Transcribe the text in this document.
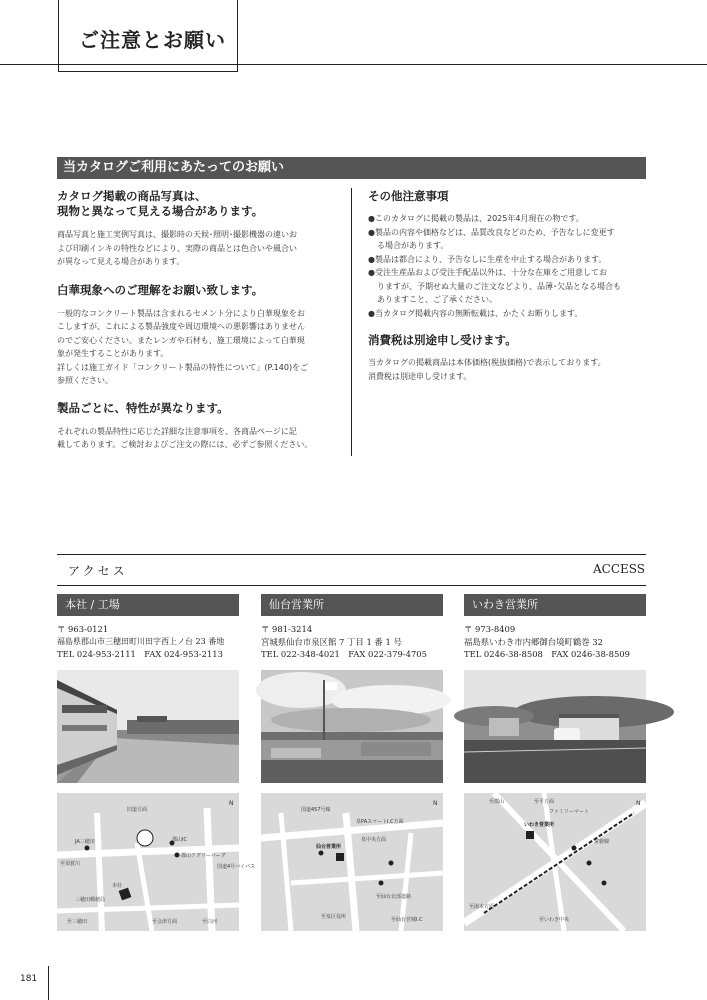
ご注意とお願い
当カタログご利用にあたってのお願い

カタログ掲載の商品写真は、

現物と異なって見える場合があります。

商品写真と施工実例写真は、撮影時の天候･照明･撮影機器の違いお

よび印刷インキの特性などにより、実際の商品とは色合いや風合い

が異なって見える場合があります。

白華現象へのご理解をお願い致します。

一般的なコンクリート製品は含まれるセメント分により白華現象をお

こしますが、これによる製品強度や周辺環境への悪影響はありません

のでご安心ください。またレンガや石材も、施工環境によって白華現

象が発生することがあります。

詳しくは施工ガイド「コンクリート製品の特性について」(P.140)をご

参照ください。

製品ごとに、特性が異なります。

それぞれの製品特性に応じた詳細な注意事項を、各商品ページに記

載してあります。ご検討およびご注文の際には、必ずご参照ください。

その他注意事項

●このカタログに掲載の製品は、2025年4月現在の物です。

●製品の内容や価格などは、品質改良などのため、予告なしに変更す

る場合があります。

●製品は都合により、予告なしに生産を中止する場合があります。

●受注生産品および受注手配品以外は、十分な在庫をご用意してお

りますが、予期せぬ大量のご注文などより、品薄･欠品となる場合も

ありますこと、ご了承ください。

●当カタログ掲載内容の無断転載は、かたくお断りします。

消費税は別途申し受けます。

当カタログの掲載商品は本体価格(税抜価格)で表示しております。

消費税は別途申し受けます。

アクセス	ACCESS
本社 / 工場
〒 963-0121
福島県郡山市三穂田町川田字西上ノ台 23 番地
TEL 024-953-2111　FAX 024-953-2113
旧道方面
郡山IC
JA三穂田
郡山アグリーバーグ
至須賀川	国道4号バイパス
本社
三穂田郵便局
至三穂田	至会津方面	至白河
N
仙台営業所
〒 981-3214
宮城県仙台市泉区館 7 丁目 1 番 1 号
TEL 022-348-4021　FAX 022-379-4705
国道457号線
泉PAスマートI.C方面
仙台営業所
泉中央方面
至仙台北部道路
至泉区役所	至仙台宮城I.C
N
いわき営業所
〒 973-8409
福島県いわき市内郷御台境町鶴巻 32
TEL 0246-38-8508　FAX 0246-38-8509
至郡山	至平方面
ファミリーマート
いわき営業所
常磐線
至湯本方面
至いわき中央
N
181
